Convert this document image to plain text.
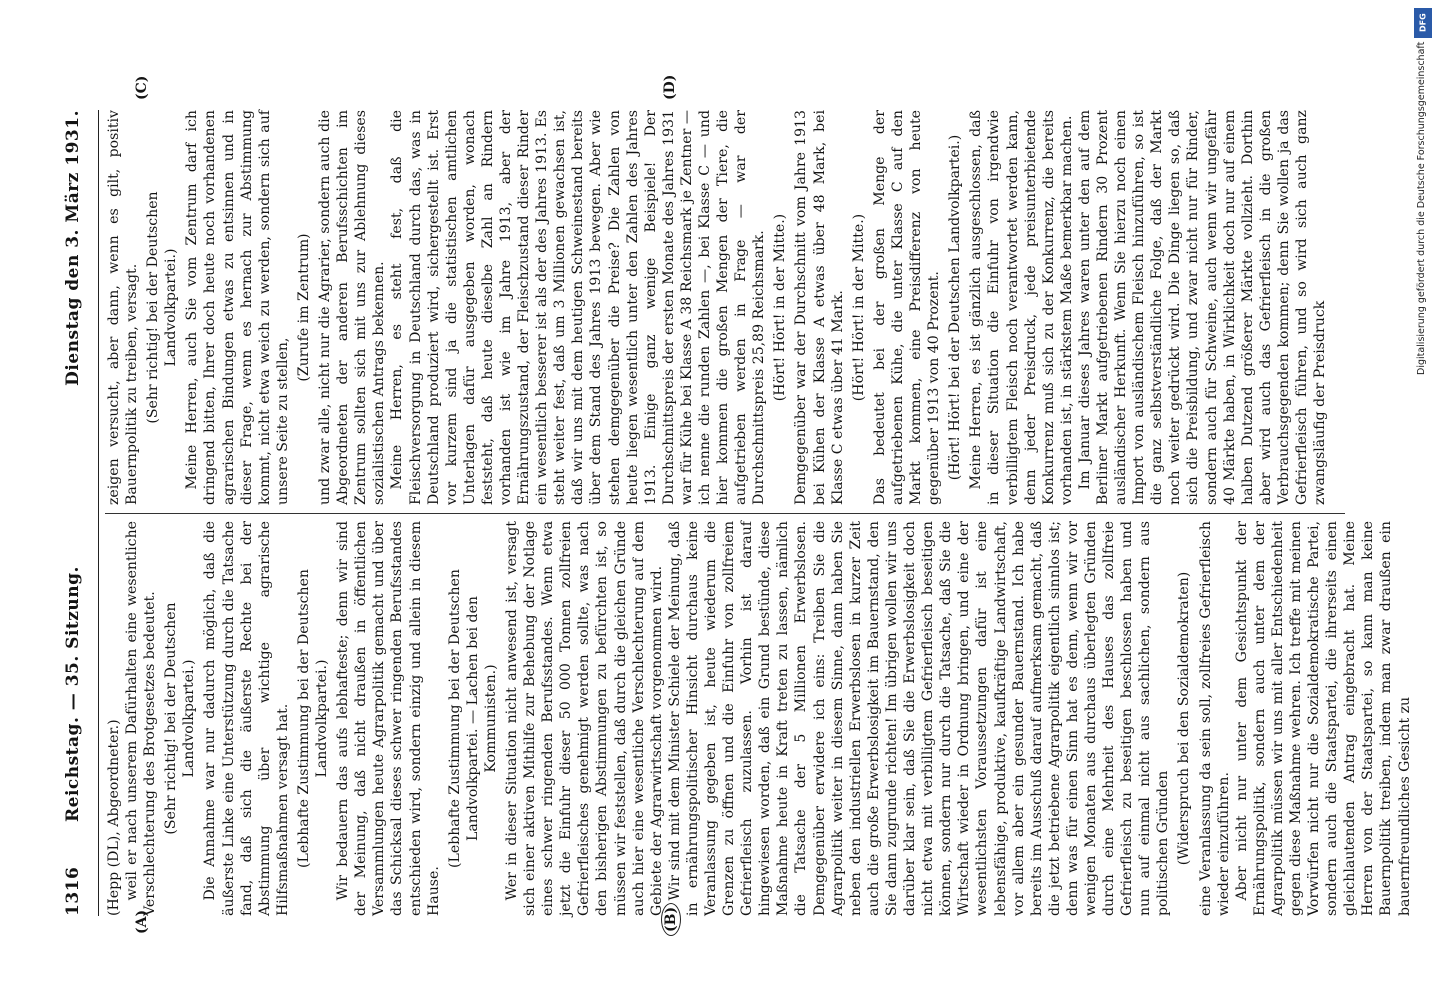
1316
Reichstag. — 35. Sitzung.
Dienstag den 3. März 1931.
(A)	(B)
(C)	(D)

(Hepp (DL), Abgeordneter.) weil er nach unserem Dafürhalten eine wesentliche Verschlechterung des Brotgesetzes bedeutet. (Sehr richtig! bei der Deutschen Landvolkpartei.) Die Annahme war nur dadurch möglich, daß die äußerste Linke eine Unterstützung durch die Tatsache fand, daß sich die äußerste Rechte bei der Abstimmung über wichtige agrarische Hilfsmaßnahmen versagt hat. (Lebhafte Zustimmung bei der Deutschen Landvolkpartei.) Wir bedauern das aufs lebhafteste; denn wir sind der Meinung, daß nicht draußen in öffentlichen Versammlungen heute Agrarpolitik gemacht und über das Schicksal dieses schwer ringenden Berufsstandes entschieden wird, sondern einzig und allein in diesem Hause.

(Lebhafte Zustimmung bei der Deutschen Landvolkpartei. — Lachen bei den Kommunisten.) Wer in dieser Situation nicht anwesend ist, versagt sich einer aktiven Mithilfe zur Behebung der Notlage eines schwer ringenden Berufsstandes. Wenn etwa jetzt die Einfuhr dieser 50 000 Tonnen zollfreien Gefrierfleisches genehmigt werden sollte, was nach den bisherigen Abstimmungen zu befürchten ist, so müssen wir feststellen, daß durch die gleichen Gründe auch hier eine wesentliche Verschlechterung auf dem Gebiete der Agrarwirtschaft vorgenommen wird. Wir sind mit dem Minister Schiele der Meinung, daß in ernährungspolitischer Hinsicht durchaus keine Veranlassung gegeben ist, heute wiederum die Grenzen zu öffnen und die Einfuhr von zollfreiem Gefrierfleisch zuzulassen. Vorhin ist darauf hingewiesen worden, daß ein Grund bestünde, diese Maßnahme heute in Kraft treten zu lassen, nämlich die Tatsache der 5 Millionen Erwerbslosen. Demgegenüber erwidere ich eins: Treiben Sie die Agrarpolitik weiter in diesem Sinne, dann haben Sie neben den industriellen Erwerbslosen in kurzer Zeit auch die große Erwerbslosigkeit im Bauernstand, den Sie dann zugrunde richten! Im übrigen wollen wir uns darüber klar sein, daß Sie die Erwerbslosigkeit doch nicht etwa mit verbilligtem Gefrierfleisch beseitigen können, sondern nur durch die Tatsache, daß Sie die Wirtschaft wieder in Ordnung bringen, und eine der wesentlichsten Voraussetzungen dafür ist eine lebensfähige, produktive, kaufkräftige Landwirtschaft, vor allem aber ein gesunder Bauernstand. Ich habe bereits im Ausschuß darauf aufmerksam gemacht, daß die jetzt betriebene Agrarpolitik eigentlich sinnlos ist; denn was für einen Sinn hat es denn, wenn wir vor wenigen Monaten aus durchaus überlegten Gründen durch eine Mehrheit des Hauses das zollfreie Gefrierfleisch zu beseitigen beschlossen haben und nun auf einmal nicht aus sachlichen, sondern aus politischen Gründen (Widerspruch bei den Sozialdemokraten) eine Veranlassung da sein soll, zollfreies Gefrierfleisch wieder einzuführen. Aber nicht nur unter dem Gesichtspunkt der Ernährungspolitik, sondern auch unter dem der Agrarpolitik müssen wir uns mit aller Entschiedenheit gegen diese Maßnahme wehren. Ich treffe mit meinen Vorwürfen nicht nur die Sozialdemokratische Partei, sondern auch die Staatspartei, die ihrerseits einen gleichlautenden Antrag eingebracht hat. Meine Herren von der Staatspartei, so kann man keine Bauernpolitik treiben, indem man zwar draußen ein bauernfreundliches Gesicht zu

zeigen versucht, aber dann, wenn es gilt, positiv Bauernpolitik zu treiben, versagt. (Sehr richtig! bei der Deutschen Landvolkpartei.) Meine Herren, auch Sie vom Zentrum darf ich dringend bitten, Ihrer doch heute noch vorhandenen agrarischen Bindungen etwas zu entsinnen und in dieser Frage, wenn es hernach zur Abstimmung kommt, nicht etwa weich zu werden, sondern sich auf unsere Seite zu stellen,

(Zurufe im Zentrum) und zwar alle, nicht nur die Agrarier, sondern auch die Abgeordneten der anderen Berufsschichten im Zentrum sollten sich mit uns zur Ablehnung dieses sozialistischen Antrags bekennen. Meine Herren, es steht fest, daß die Fleischversorgung in Deutschland durch das, was in Deutschland produziert wird, sichergestellt ist. Erst vor kurzem sind ja die statistischen amtlichen Unterlagen dafür ausgegeben worden, wonach feststeht, daß heute dieselbe Zahl an Rindern vorhanden ist wie im Jahre 1913, aber der Ernährungszustand, der Fleischzustand dieser Rinder ein wesentlich besserer ist als der des Jahres 1913. Es steht weiter fest, daß um 3 Millionen gewachsen ist, daß wir uns mit dem heutigen Schweinestand bereits über dem Stand des Jahres 1913 bewegen. Aber wie stehen demgegenüber die Preise? Die Zahlen von heute liegen wesentlich unter den Zahlen des Jahres 1913. Einige ganz wenige Beispiele! Der Durchschnittspreis der ersten Monate des Jahres 1931 war für Kühe bei Klasse A 38 Reichsmark je Zentner — ich nenne die runden Zahlen —, bei Klasse C — und hier kommen die großen Mengen der Tiere, die aufgetrieben werden in Frage — war der Durchschnittspreis 25,89 Reichsmark. (Hört! Hört! in der Mitte.) Demgegenüber war der Durchschnitt vom Jahre 1913 bei Kühen der Klasse A etwas über 48 Mark, bei Klasse C etwas über 41 Mark. (Hört! Hört! in der Mitte.) Das bedeutet bei der großen Menge der aufgetriebenen Kühe, die unter Klasse C auf den Markt kommen, eine Preisdifferenz von heute gegenüber 1913 von 40 Prozent. (Hört! Hört! bei der Deutschen Landvolkpartei.) Meine Herren, es ist gänzlich ausgeschlossen, daß in dieser Situation die Einfuhr von irgendwie verbilligtem Fleisch noch verantwortet werden kann, denn jeder Preisdruck, jede preisunterbietende Konkurrenz muß sich zu der Konkurrenz, die bereits vorhanden ist, in stärkstem Maße bemerkbar machen. Im Januar dieses Jahres waren unter den auf dem Berliner Markt aufgetriebenen Rindern 30 Prozent ausländischer Herkunft. Wenn Sie hierzu noch einen Import von ausländischem Fleisch hinzuführen, so ist die ganz selbstverständliche Folge, daß der Markt noch weiter gedrückt wird. Die Dinge liegen so, daß sich die Preisbildung, und zwar nicht nur für Rinder, sondern auch für Schweine, auch wenn wir ungefähr 40 Märkte haben, in Wirklichkeit doch nur auf einem halben Dutzend größerer Märkte vollzieht. Dorthin aber wird auch das Gefrierfleisch in die großen Verbrauchsgegenden kommen; denn Sie wollen ja das Gefrierfleisch führen, und so wird sich auch ganz zwangsläufig der Preisdruck

DFG
Digitalisierung gefördert durch die Deutsche Forschungsgemeinschaft
